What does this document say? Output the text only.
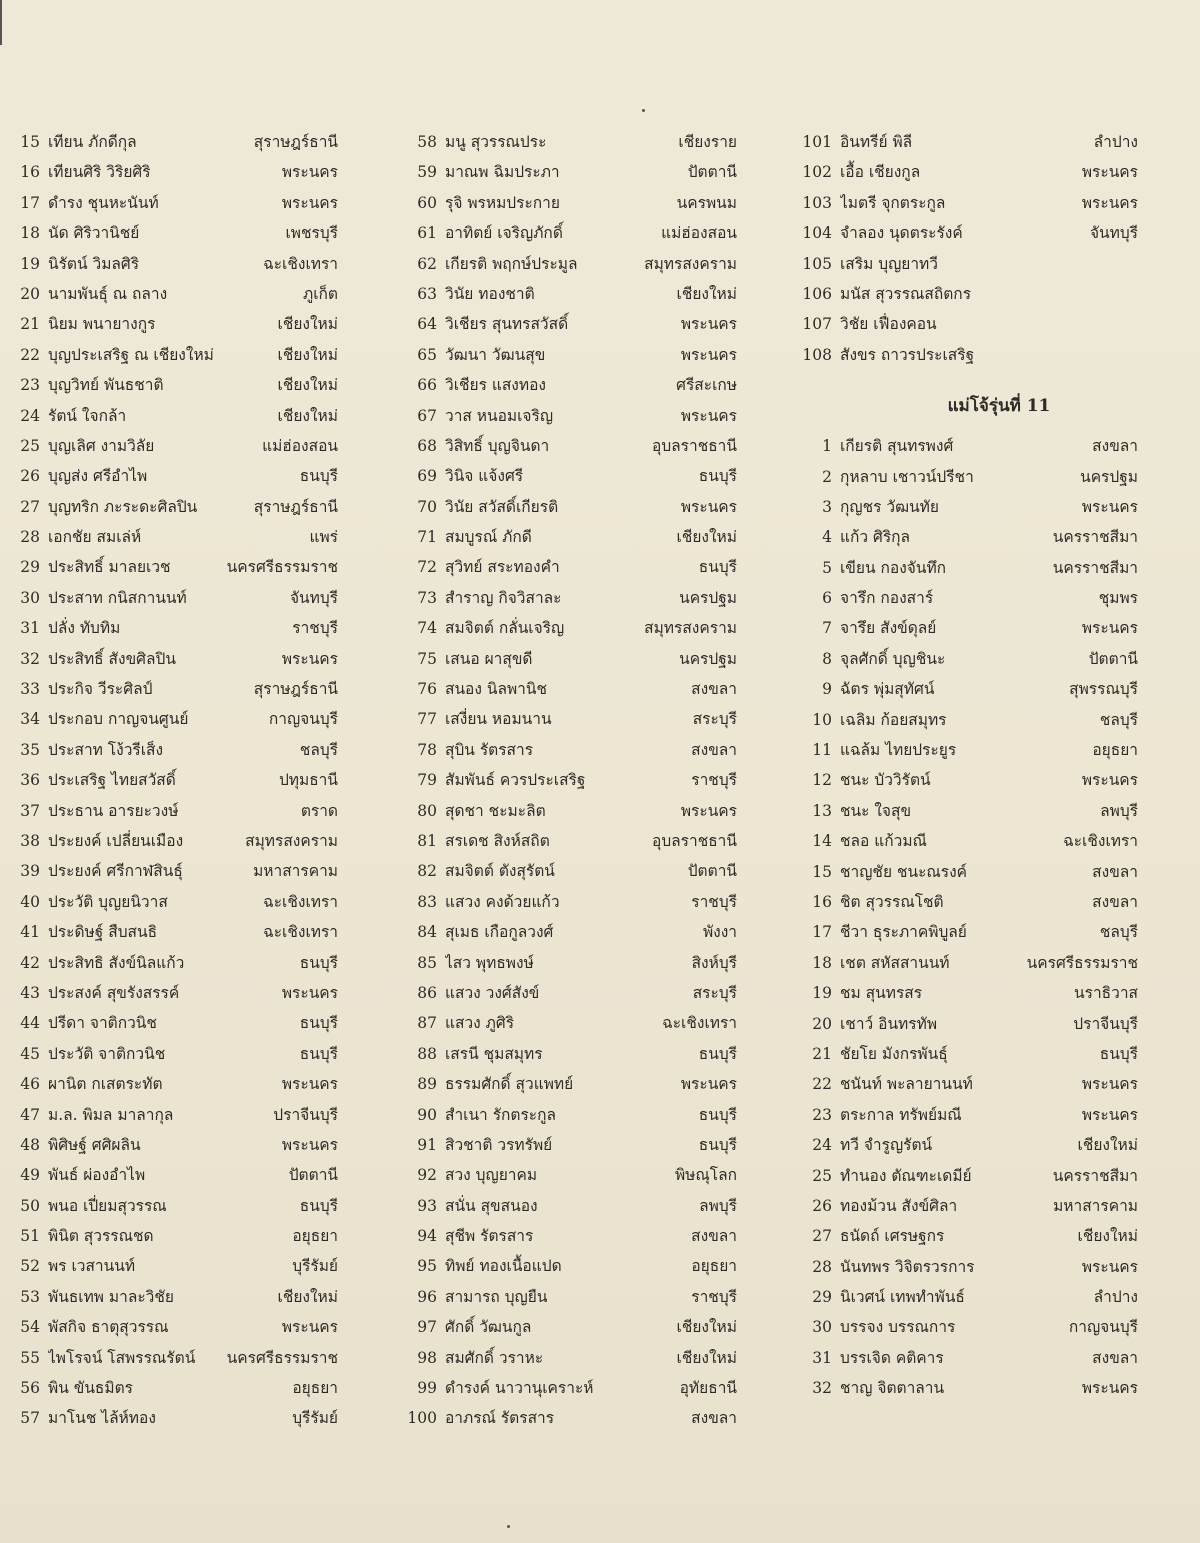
15 เทียน ภักดีกุล	สุราษฎร์ธานี
16 เทียนศิริ วิริยศิริ	พระนคร
17 ดำรง ชุนหะนันท์	พระนคร
18 นัด ศิริวานิชย์	เพชรบุรี
19 นิรัตน์ วิมลศิริ	ฉะเชิงเทรา
20 นามพันธุ์ ณ ถลาง	ภูเก็ต
21 นิยม พนายางกูร	เชียงใหม่
22 บุญประเสริฐ ณ เชียงใหม่	เชียงใหม่
23 บุญวิทย์ พันธชาติ	เชียงใหม่
24 รัตน์ ใจกล้า	เชียงใหม่
25 บุญเลิศ งามวิลัย	แม่ฮ่องสอน
26 บุญส่ง ศรีอำไพ	ธนบุรี
27 บุญทริก ภะระดะศิลปิน	สุราษฎร์ธานี
28 เอกชัย สมเล่ห์	แพร่
29 ประสิทธิ์ มาลยเวช	นครศรีธรรมราช
30 ประสาท กนิสกานนท์	จันทบุรี
31 ปลั่ง ทับทิม	ราชบุรี
32 ประสิทธิ์ สังขศิลปิน	พระนคร
33 ประกิจ วีระศิลป์	สุราษฎร์ธานี
34 ประกอบ กาญจนศูนย์	กาญจนบุรี
35 ประสาท โง้วรีเส็ง	ชลบุรี
36 ประเสริฐ ไทยสวัสดิ์	ปทุมธานี
37 ประธาน อารยะวงษ์	ตราด
38 ประยงค์ เปลี่ยนเมือง	สมุทรสงคราม
39 ประยงค์ ศรีกาฬสินธุ์	มหาสารคาม
40 ประวัติ บุญยนิวาส	ฉะเชิงเทรา
41 ประดิษฐ์ สืบสนธิ	ฉะเชิงเทรา
42 ประสิทธิ สังข์นิลแก้ว	ธนบุรี
43 ประสงค์ สุขรังสรรค์	พระนคร
44 ปรีดา จาติกวนิช	ธนบุรี
45 ประวัติ จาติกวนิช	ธนบุรี
46 ผานิต กเสตระทัต	พระนคร
47 ม.ล. พิมล มาลากุล	ปราจีนบุรี
48 พิศิษฐ์ ศศิผลิน	พระนคร
49 พันธ์ ผ่องอำไพ	ปัตตานี
50 พนอ เปี่ยมสุวรรณ	ธนบุรี
51 พินิต สุวรรณชด	อยุธยา
52 พร เวสานนท์	บุรีรัมย์
53 พันธเทพ มาละวิชัย	เชียงใหม่
54 พัสกิจ ธาตุสุวรรณ	พระนคร
55 ไพโรจน์ โสพรรณรัตน์	นครศรีธรรมราช
56 พิน ขันธมิตร	อยุธยา
57 มาโนช ไล้ห์ทอง	บุรีรัมย์
58 มนู สุวรรณประ	เชียงราย
59 มาณพ ฉิมประภา	ปัตตานี
60 รุจิ พรหมประกาย	นครพนม
61 อาทิตย์ เจริญภักดิ์	แม่ฮ่องสอน
62 เกียรติ พฤกษ์ประมูล	สมุทรสงคราม
63 วินัย ทองชาติ	เชียงใหม่
64 วิเชียร สุนทรสวัสดิ์	พระนคร
65 วัฒนา วัฒนสุข	พระนคร
66 วิเชียร แสงทอง	ศรีสะเกษ
67 วาส หนอมเจริญ	พระนคร
68 วิสิทธิ์ บุญจินดา	อุบลราชธานี
69 วินิจ แจ้งศรี	ธนบุรี
70 วินัย สวัสดิ์เกียรติ	พระนคร
71 สมบูรณ์ ภักดี	เชียงใหม่
72 สุวิทย์ สระทองคำ	ธนบุรี
73 สำราญ กิจวิสาละ	นครปฐม
74 สมจิตต์ กลั่นเจริญ	สมุทรสงคราม
75 เสนอ ผาสุขดี	นครปฐม
76 สนอง นิลพานิช	สงขลา
77 เสงี่ยน หอมนาน	สระบุรี
78 สุบิน รัตรสาร	สงขลา
79 สัมพันธ์ ควรประเสริฐ	ราชบุรี
80 สุดชา ชะมะลิต	พระนคร
81 สรเดช สิงห์สถิต	อุบลราชธานี
82 สมจิตต์ ตังสุรัตน์	ปัตตานี
83 แสวง คงด้วยแก้ว	ราชบุรี
84 สุเมธ เกือกูลวงศ์	พังงา
85 ไสว พุทธพงษ์	สิงห์บุรี
86 แสวง วงศ์สังข์	สระบุรี
87 แสวง ภูศิริ	ฉะเชิงเทรา
88 เสรนี ชุมสมุทร	ธนบุรี
89 ธรรมศักดิ์ สุวแพทย์	พระนคร
90 สำเนา รักตระกูล	ธนบุรี
91 สิวชาติ วรทรัพย์	ธนบุรี
92 สวง บุญยาคม	พิษณุโลก
93 สนั่น สุขสนอง	ลพบุรี
94 สุชีพ รัตรสาร	สงขลา
95 ทิพย์ ทองเนื้อแปด	อยุธยา
96 สามารถ บุญยืน	ราชบุรี
97 ศักดิ์ วัฒนกูล	เชียงใหม่
98 สมศักดิ์ วราหะ	เชียงใหม่
99 ดำรงค์ นาวานุเคราะห์	อุทัยธานี
100 อาภรณ์ รัตรสาร	สงขลา
101 อินทรีย์ พิลี	ลำปาง
102 เอื้อ เชียงกูล	พระนคร
103 ไมตรี จุกตระกูล	พระนคร
104 จำลอง นุดตระรังค์	จันทบุรี
105 เสริม บุญยาทวี
106 มนัส สุวรรณสถิตกร
107 วิชัย เฟื่องคอน
108 สังขร ถาวรประเสริฐ
แม่โจ้รุ่นที่ 11
1 เกียรติ สุนทรพงศ์	สงขลา
2 กุหลาบ เชาวน์ปรีชา	นครปฐม
3 กุญชร วัฒนทัย	พระนคร
4 แก้ว ศิริกุล	นครราชสีมา
5 เขียน กองจันทึก	นครราชสีมา
6 จารึก กองสาร์	ชุมพร
7 จารึย สังข์ดุลย์	พระนคร
8 จุลศักดิ์ บุญชินะ	ปัตตานี
9 ฉัตร พุ่มสุทัศน์	สุพรรณบุรี
10 เฉลิม ก้อยสมุทร	ชลบุรี
11 แฉล้ม ไทยประยูร	อยุธยา
12 ชนะ บัววิรัตน์	พระนคร
13 ชนะ ใจสุข	ลพบุรี
14 ชลอ แก้วมณี	ฉะเชิงเทรา
15 ชาญชัย ชนะณรงค์	สงขลา
16 ชิต สุวรรณโชติ	สงขลา
17 ชีวา ธุระภาคพิบูลย์	ชลบุรี
18 เชต สหัสสานนท์	นครศรีธรรมราช
19 ชม สุนทรสร	นราธิวาส
20 เชาว์ อินทรทัพ	ปราจีนบุรี
21 ชัยโย มังกรพันธุ์	ธนบุรี
22 ชนันท์ พะลายานนท์	พระนคร
23 ตระกาล ทรัพย์มณี	พระนคร
24 ทวี จำรูญรัตน์	เชียงใหม่
25 ทำนอง ตัณฑะเดมีย์	นครราชสีมา
26 ทองม้วน สังข์ศิลา	มหาสารคาม
27 ธนัดถ์ เศรษฐกร	เชียงใหม่
28 นันทพร วิจิตรวรการ	พระนคร
29 นิเวศน์ เทพทำพันธ์	ลำปาง
30 บรรจง บรรณการ	กาญจนบุรี
31 บรรเจิด คติคาร	สงขลา
32 ชาญ จิตตาลาน	พระนคร
